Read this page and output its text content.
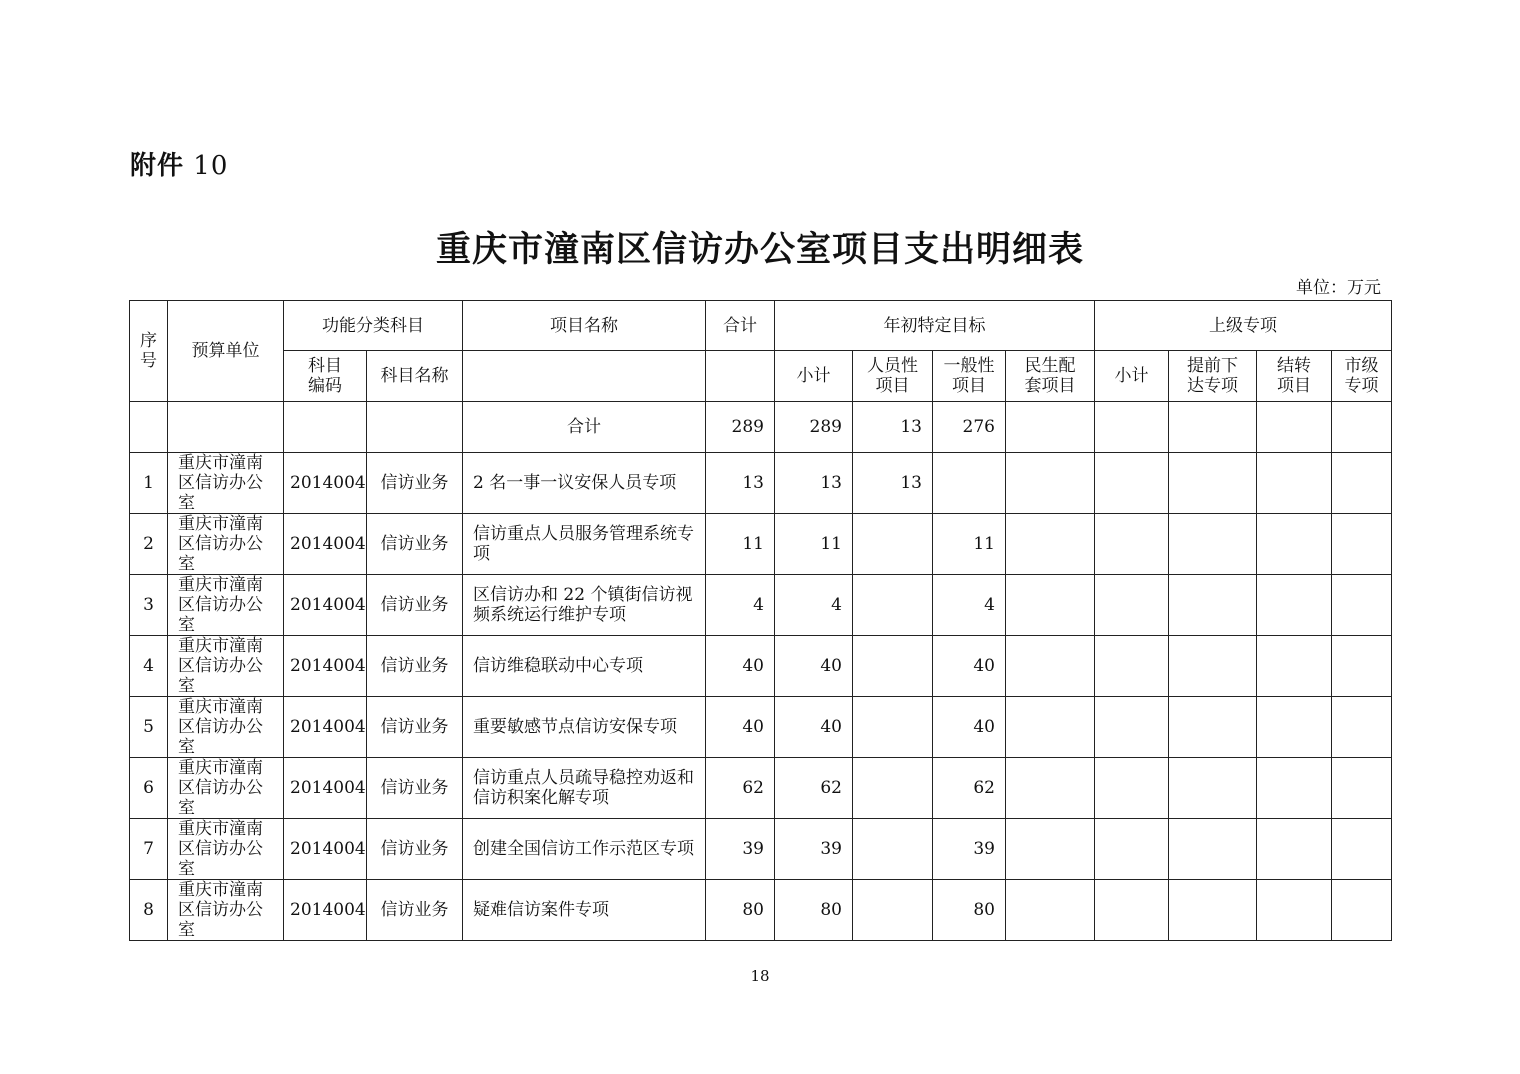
附件 10
重庆市潼南区信访办公室项目支出明细表
单位：万元
序号	预算单位	功能分类科目		项目名称	合计	年初特定目标				上级专项			
		科目编码	科目名称			小计	人员性项目	一般性项目	民生配套项目	小计	提前下达专项	结转项目	市级专项
				合计	289	289	13	276					
1	重庆市潼南区信访办公室	2014004	信访业务	2 名一事一议安保人员专项	13	13	13						
2	重庆市潼南区信访办公室	2014004	信访业务	信访重点人员服务管理系统专项	11	11		11					
3	重庆市潼南区信访办公室	2014004	信访业务	区信访办和 22 个镇街信访视频系统运行维护专项	4	4		4					
4	重庆市潼南区信访办公室	2014004	信访业务	信访维稳联动中心专项	40	40		40					
5	重庆市潼南区信访办公室	2014004	信访业务	重要敏感节点信访安保专项	40	40		40					
6	重庆市潼南区信访办公室	2014004	信访业务	信访重点人员疏导稳控劝返和信访积案化解专项	62	62		62					
7	重庆市潼南区信访办公室	2014004	信访业务	创建全国信访工作示范区专项	39	39		39					
8	重庆市潼南区信访办公室	2014004	信访业务	疑难信访案件专项	80	80		80					
18
